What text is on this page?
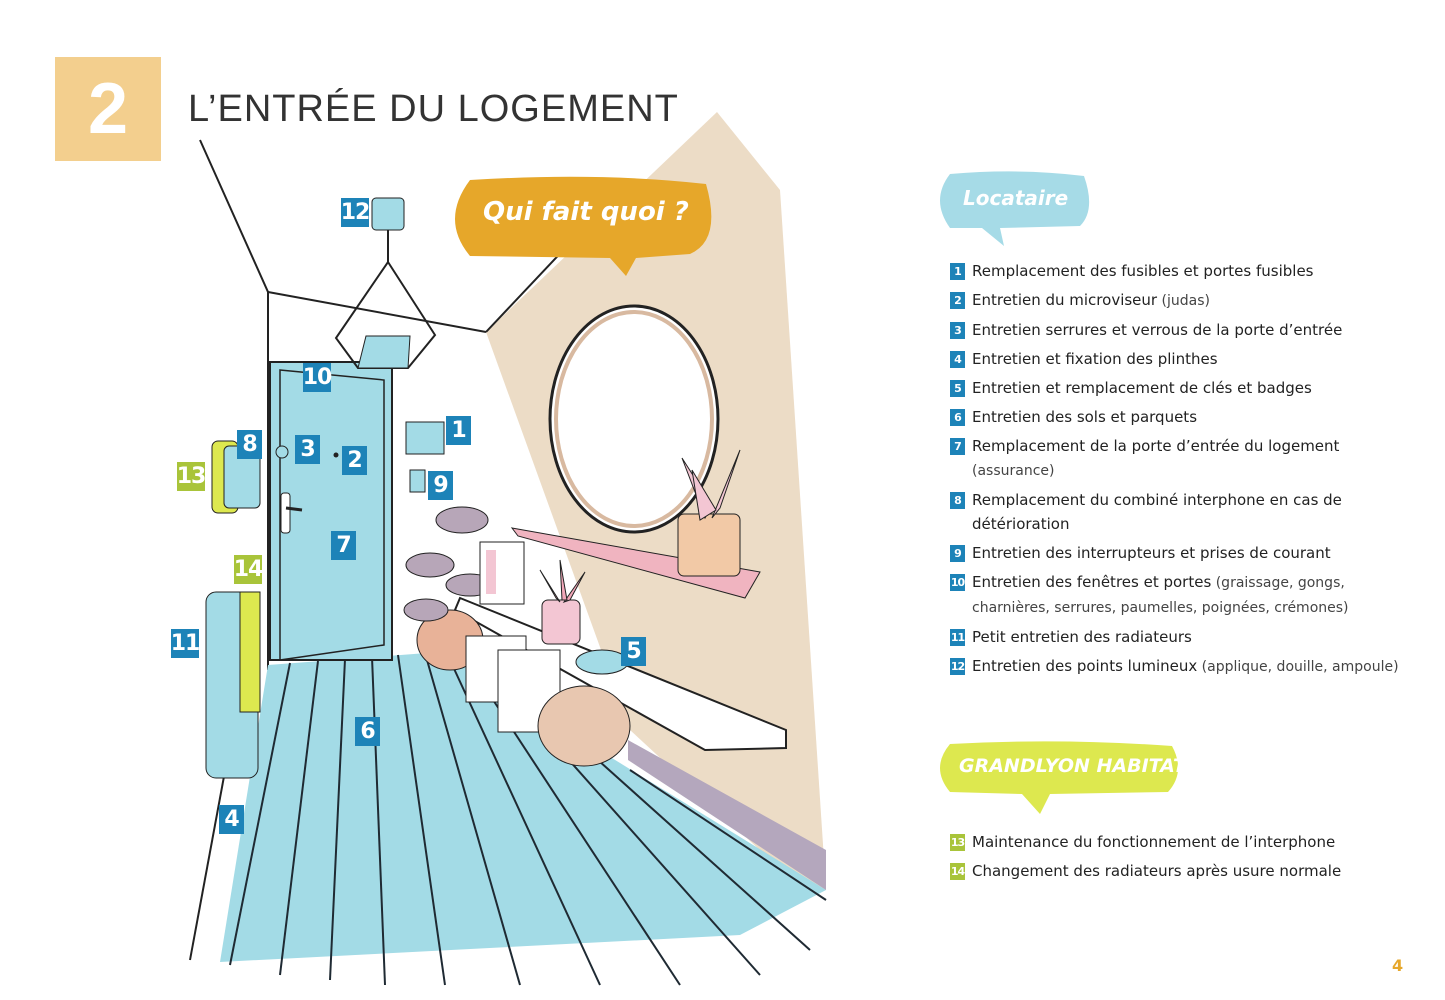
2 L’ENTRÉE DU LOGEMENT
Qui fait quoi ?	Locataire
GRANDLYON HABITAT
1
2
3
4
5
6
7
8
9
10
11
12
13
14
1 Remplacement des fusibles et portes fusibles
2 Entretien du microviseur (judas)
3 Entretien serrures et verrous de la porte d’entrée
4 Entretien et fixation des plinthes
5 Entretien et remplacement de clés et badges
6 Entretien des sols et parquets
7 Remplacement de la porte d’entrée du logement
(assurance)
8 Remplacement du combiné interphone en cas de détérioration
9 Entretien des interrupteurs et prises de courant
10 Entretien des fenêtres et portes (graissage, gongs, charnières, serrures, paumelles, poignées, crémones)
11 Petit entretien des radiateurs
12 Entretien des points lumineux (applique, douille, ampoule)
13 Maintenance du fonctionnement de l’interphone
14 Changement des radiateurs après usure normale
4
